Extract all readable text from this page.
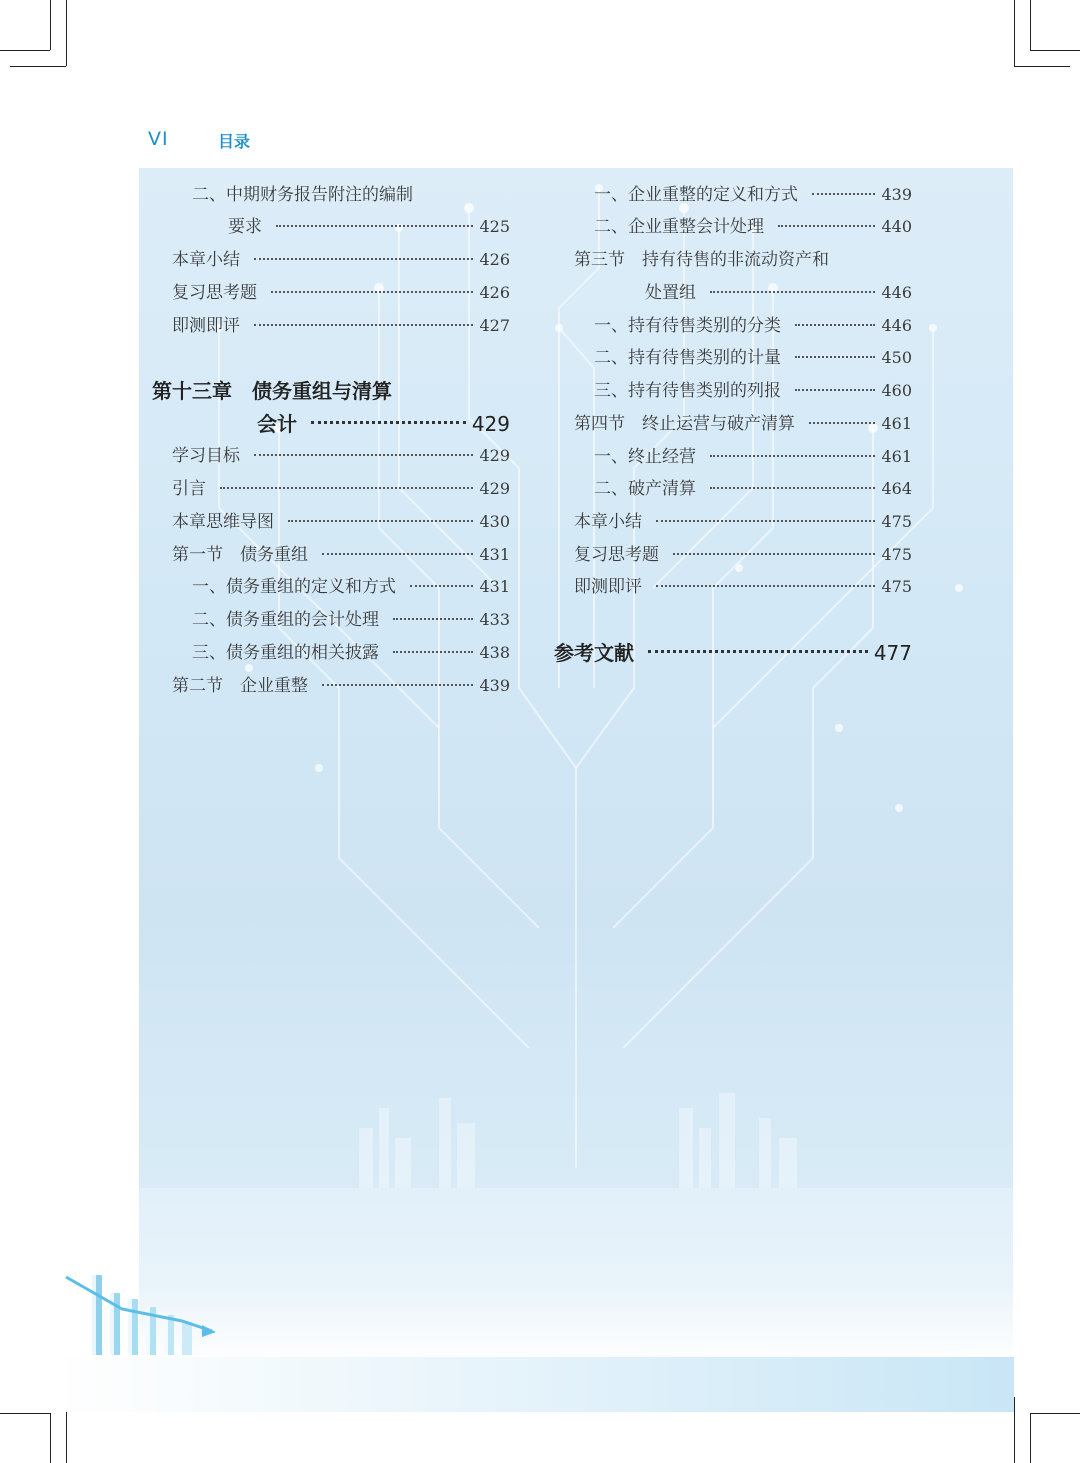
VI	目录
二、中期财务报告附注的编制
要求	425
本章小结	426
复习思考题	426
即测即评	427
第十三章　债务重组与清算
会计	429
学习目标	429
引言	429
本章思维导图	430
第一节　债务重组	431
一、债务重组的定义和方式	431
二、债务重组的会计处理	433
三、债务重组的相关披露	438
第二节　企业重整	439
一、企业重整的定义和方式	439
二、企业重整会计处理	440
第三节　持有待售的非流动资产和
处置组	446
一、持有待售类别的分类	446
二、持有待售类别的计量	450
三、持有待售类别的列报	460
第四节　终止运营与破产清算	461
一、终止经营	461
二、破产清算	464
本章小结	475
复习思考题	475
即测即评	475
参考文献	477
